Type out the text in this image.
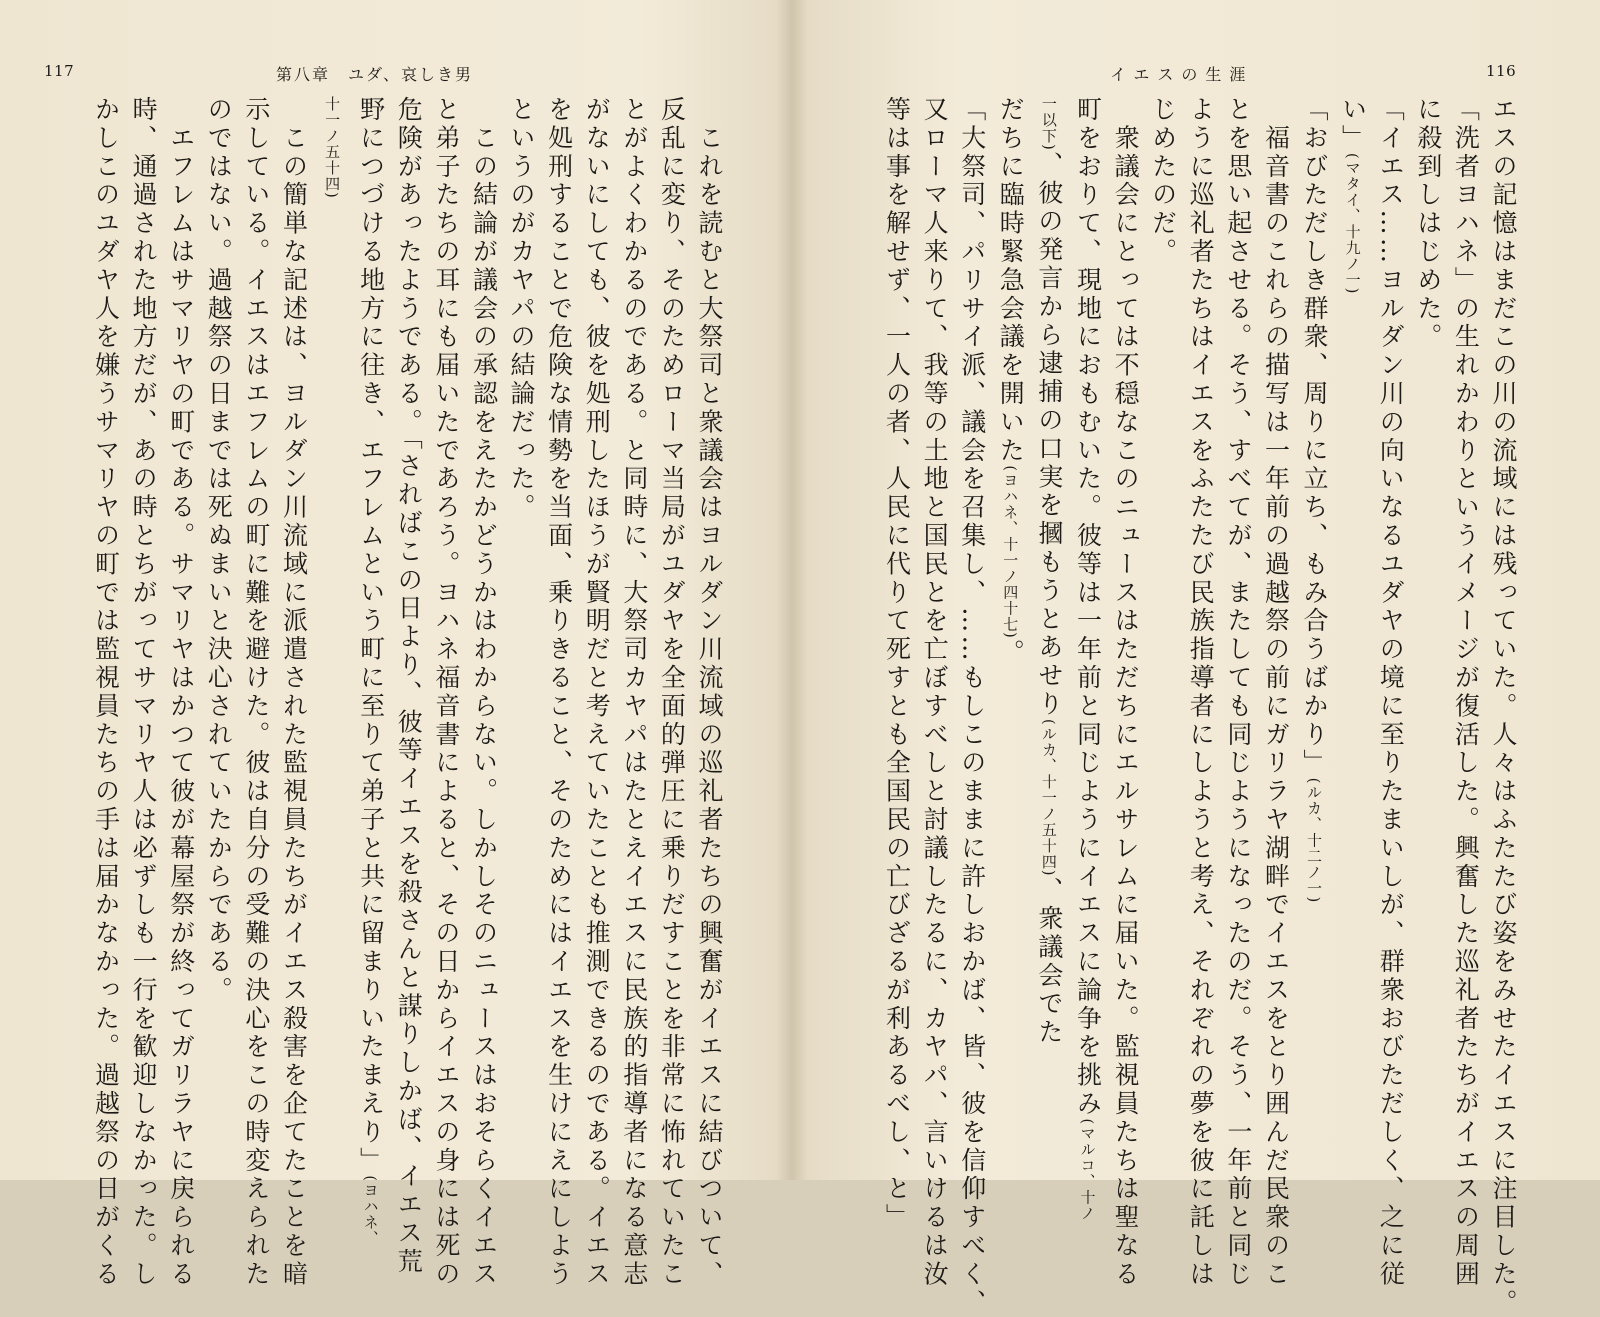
117	第八章　ユダ、哀しき男
　これを読むと大祭司と衆議会はヨルダン川流域の巡礼者たちの興奮がイエスに結びついて、
反乱に変り、そのためローマ当局がユダヤを全面的弾圧に乗りだすことを非常に怖れていたこ
とがよくわかるのである。と同時に、大祭司カヤパはたとえイエスに民族的指導者になる意志
がないにしても、彼を処刑したほうが賢明だと考えていたことも推測できるのである。イエス
を処刑することで危険な情勢を当面、乗りきること、そのためにはイエスを生けにえにしよう
というのがカヤパの結論だった。
　この結論が議会の承認をえたかどうかはわからない。しかしそのニュースはおそらくイエス
と弟子たちの耳にも届いたであろう。ヨハネ福音書によると、その日からイエスの身には死の
危険があったようである。「さればこの日より、彼等イエスを殺さんと謀りしかば、イエス荒
野につづける地方に往き、エフレムという町に至りて弟子と共に留まりいたまえり」(ヨハネ、
十一ノ五十四)
　この簡単な記述は、ヨルダン川流域に派遣された監視員たちがイエス殺害を企てたことを暗
示している。イエスはエフレムの町に難を避けた。彼は自分の受難の決心をこの時変えられた
のではない。過越祭の日までは死ぬまいと決心されていたからである。
　エフレムはサマリヤの町である。サマリヤはかつて彼が幕屋祭が終ってガリラヤに戻られる
時、通過された地方だが、あの時とちがってサマリヤ人は必ずしも一行を歓迎しなかった。し
かしこのユダヤ人を嫌うサマリヤの町では監視員たちの手は届かなかった。過越祭の日がくる
イエスの生涯	116
エスの記憶はまだこの川の流域には残っていた。人々はふたたび姿をみせたイエスに注目した。
「洗者ヨハネ」の生れかわりというイメージが復活した。興奮した巡礼者たちがイエスの周囲
に殺到しはじめた。
「イエス……ヨルダン川の向いなるユダヤの境に至りたまいしが、群衆おびただしく、之に従
い」(マタイ、十九ノ一)
「おびただしき群衆、周りに立ち、もみ合うばかり」(ルカ、十二ノ一)
　福音書のこれらの描写は一年前の過越祭の前にガリラヤ湖畔でイエスをとり囲んだ民衆のこ
とを思い起させる。そう、すべてが、またしても同じようになったのだ。そう、一年前と同じ
ように巡礼者たちはイエスをふたたび民族指導者にしようと考え、それぞれの夢を彼に託しは
じめたのだ。
　衆議会にとっては不穏なこのニュースはただちにエルサレムに届いた。監視員たちは聖なる
町をおりて、現地におもむいた。彼等は一年前と同じようにイエスに論争を挑み(マルコ、十ノ
一以下)、彼の発言から逮捕の口実を摑もうとあせり(ルカ、十一ノ五十四)、衆議会でた
だちに臨時緊急会議を開いた(ヨハネ、十一ノ四十七)。
「大祭司、パリサイ派、議会を召集し、……もしこのままに許しおかば、皆、彼を信仰すべく、
又ローマ人来りて、我等の土地と国民とを亡ぼすべしと討議したるに、カヤパ、言いけるは汝
等は事を解せず、一人の者、人民に代りて死すとも全国民の亡びざるが利あるべし、と」
